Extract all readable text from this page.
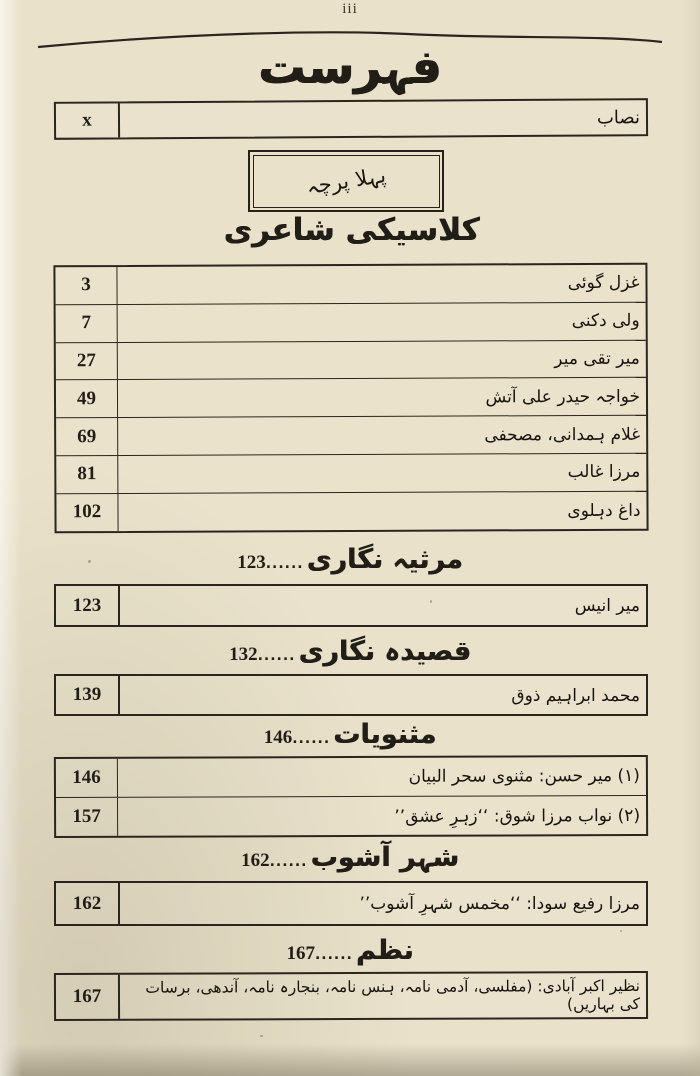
iii
فہرست
x	نصاب
پہلا پرچہ
کلاسیکی شاعری
3	غزل گوئی
7	ولی دکنی
27	میر تقی میر
49	خواجہ حیدر علی آتش
69	غلام ہمدانی، مصحفی
81	مرزا غالب
102	داغ دہلوی
123 ...... مرثیہ نگاری
123	میر انیس
132 ...... قصیدہ نگاری
139	محمد ابراہیم ذوق
146 ...... مثنویات
146	(۱) میر حسن: مثنوی سحر البیان
157	(۲) نواب مرزا شوق: ‘‘زہرِ عشق’’
162 ...... شہر آشوب
162	مرزا رفیع سودا: ‘‘مخمس شہرِ آشوب’’
167 ...... نظم
167	نظیر اکبر آبادی: (مفلسی، آدمی نامہ، ہنس نامہ، بنجارہ نامہ، آندھی، برسات کی بہاریں)
